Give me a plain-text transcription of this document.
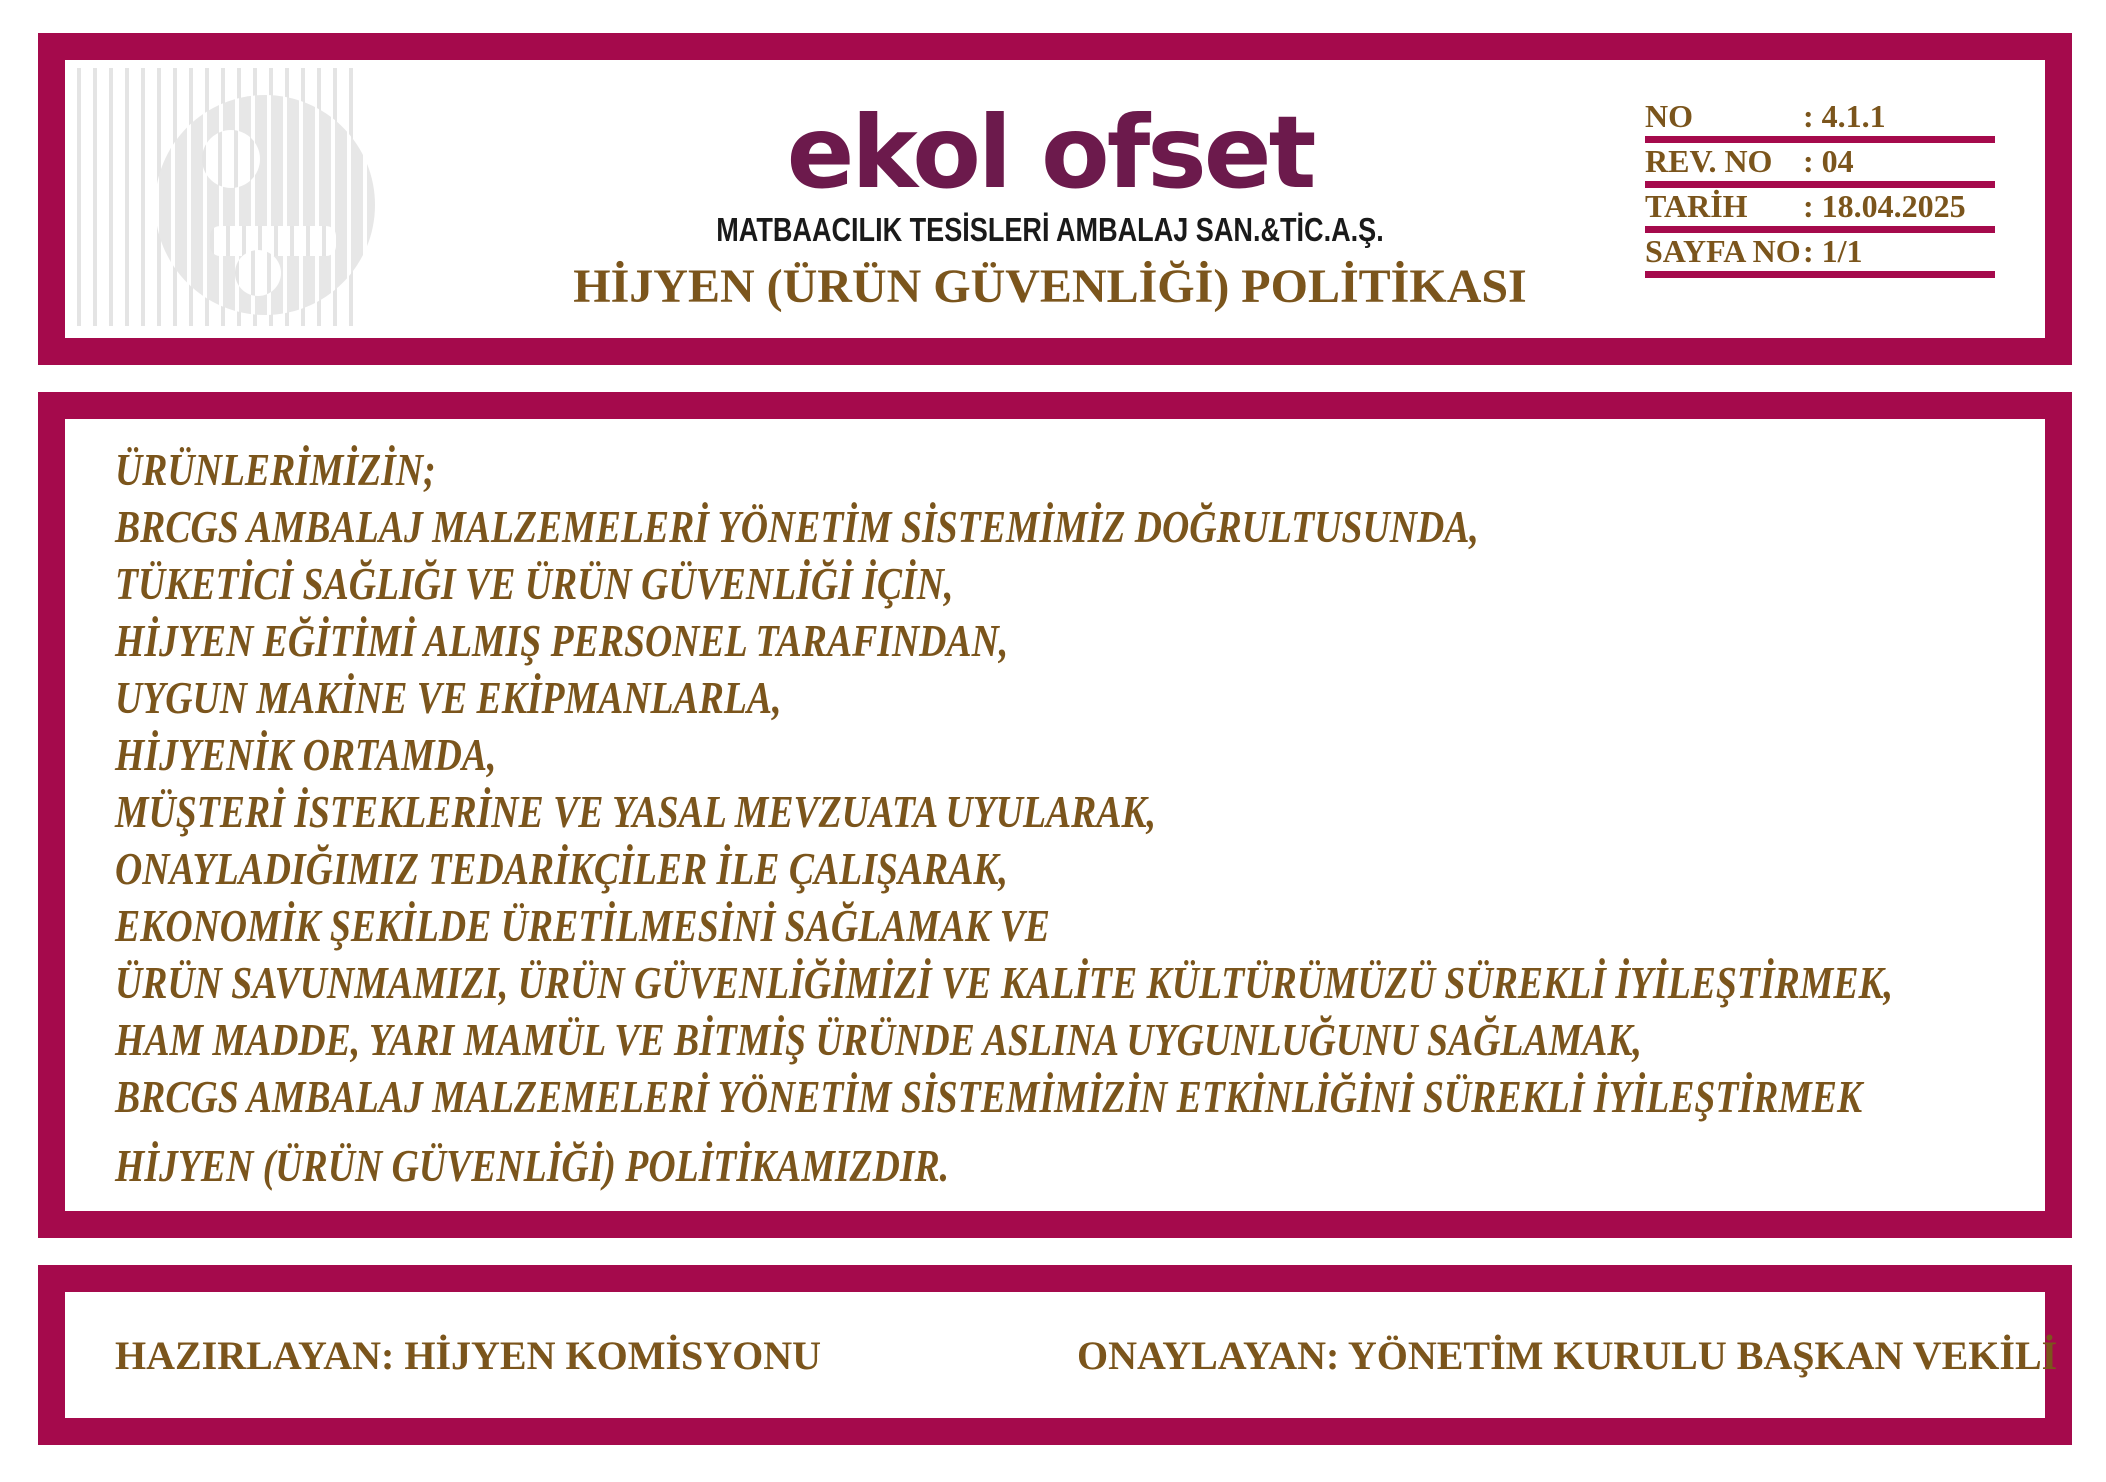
ekol ofset
MATBAACILIK TESİSLERİ AMBALAJ SAN.&TİC.A.Ş.
HİJYEN (ÜRÜN GÜVENLİĞİ) POLİTİKASI
NO	: 4.1.1
REV. NO : 04
TARİH : 18.04.2025
SAYFA NO : 1/1
ÜRÜNLERİMİZİN;
BRCGS AMBALAJ MALZEMELERİ YÖNETİM SİSTEMİMİZ DOĞRULTUSUNDA,
TÜKETİCİ SAĞLIĞI VE ÜRÜN GÜVENLİĞİ İÇİN,
HİJYEN EĞİTİMİ ALMIŞ PERSONEL TARAFINDAN,
UYGUN MAKİNE VE EKİPMANLARLA,
HİJYENİK ORTAMDA,
MÜŞTERİ İSTEKLERİNE VE YASAL MEVZUATA UYULARAK,
ONAYLADIĞIMIZ TEDARİKÇİLER İLE ÇALIŞARAK,
EKONOMİK ŞEKİLDE ÜRETİLMESİNİ SAĞLAMAK VE
ÜRÜN SAVUNMAMIZI, ÜRÜN GÜVENLİĞİMİZİ VE KALİTE KÜLTÜRÜMÜZÜ SÜREKLİ İYİLEŞTİRMEK,
HAM MADDE, YARI MAMÜL VE BİTMİŞ ÜRÜNDE ASLINA UYGUNLUĞUNU SAĞLAMAK,
BRCGS AMBALAJ MALZEMELERİ YÖNETİM SİSTEMİMİZİN ETKİNLİĞİNİ SÜREKLİ İYİLEŞTİRMEK
HİJYEN (ÜRÜN GÜVENLİĞİ) POLİTİKAMIZDIR.
HAZIRLAYAN: HİJYEN KOMİSYONU	ONAYLAYAN: YÖNETİM KURULU BAŞKAN VEKİLİ
